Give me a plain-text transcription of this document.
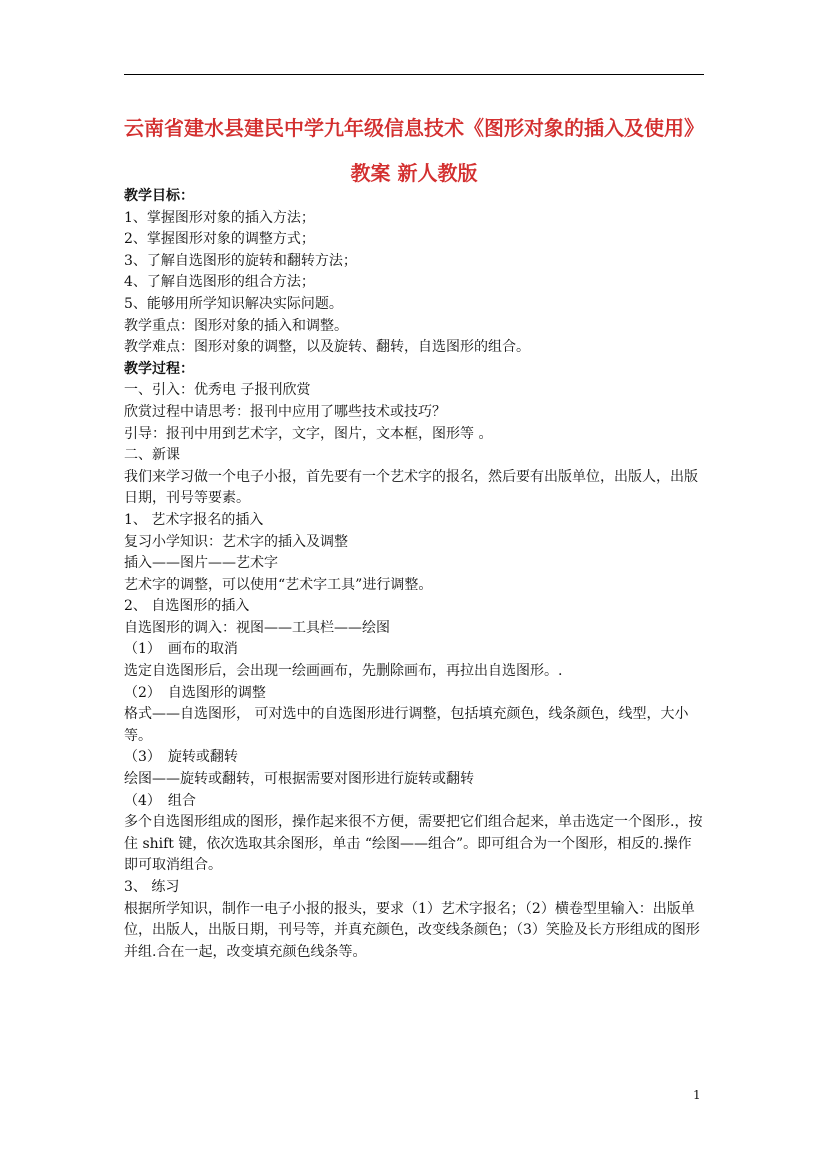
云南省建水县建民中学九年级信息技术《图形对象的插入及使用》教案 新人教版

教学目标：

1、掌握图形对象的插入方法；

2、掌握图形对象的调整方式；

3、了解自选图形的旋转和翻转方法；

4、了解自选图形的组合方法；

5、能够用所学知识解决实际问题。

教学重点：图形对象的插入和调整。

教学难点：图形对象的调整，以及旋转、翻转，自选图形的组合。

教学过程：

一、引入：优秀电 子报刊欣赏

欣赏过程中请思考：报刊中应用了哪些技术或技巧？

引导：报刊中用到艺术字，文字，图片，文本框，图形等 。

二、新课

我们来学习做一个电子小报，首先要有一个艺术字的报名，然后要有出版单位，出版人，出版日期，刊号等要素。

1、 艺术字报名的插入

复习小学知识：艺术字的插入及调整

插入——图片——艺术字

艺术字的调整，可以使用“艺术字工具”进行调整。

2、 自选图形的插入

自选图形的调入：视图——工具栏——绘图

（1）　画布的取消

选定自选图形后，会出现一绘画画布，先删除画布，再拉出自选图形。.

（2）　自选图形的调整

格式——自选图形， 可对选中的自选图形进行调整，包括填充颜色，线条颜色，线型，大小等。

（3）　旋转或翻转

绘图——旋转或翻转，可根据需要对图形进行旋转或翻转

（4）　组合

多个自选图形组成的图形，操作起来很不方便，需要把它们组合起来，单击选定一个图形.，按住 shift 键，依次选取其余图形，单击 “绘图——组合”。即可组合为一个图形，相反的.操作即可取消组合。

3、 练习

根据所学知识，制作一电子小报的报头，要求（1）艺术字报名；（2）横卷型里输入：出版单位，出版人，出版日期，刊号等，并真充颜色，改变线条颜色；（3）笑脸及长方形组成的图形并组.合在一起，改变填充颜色线条等。

1
